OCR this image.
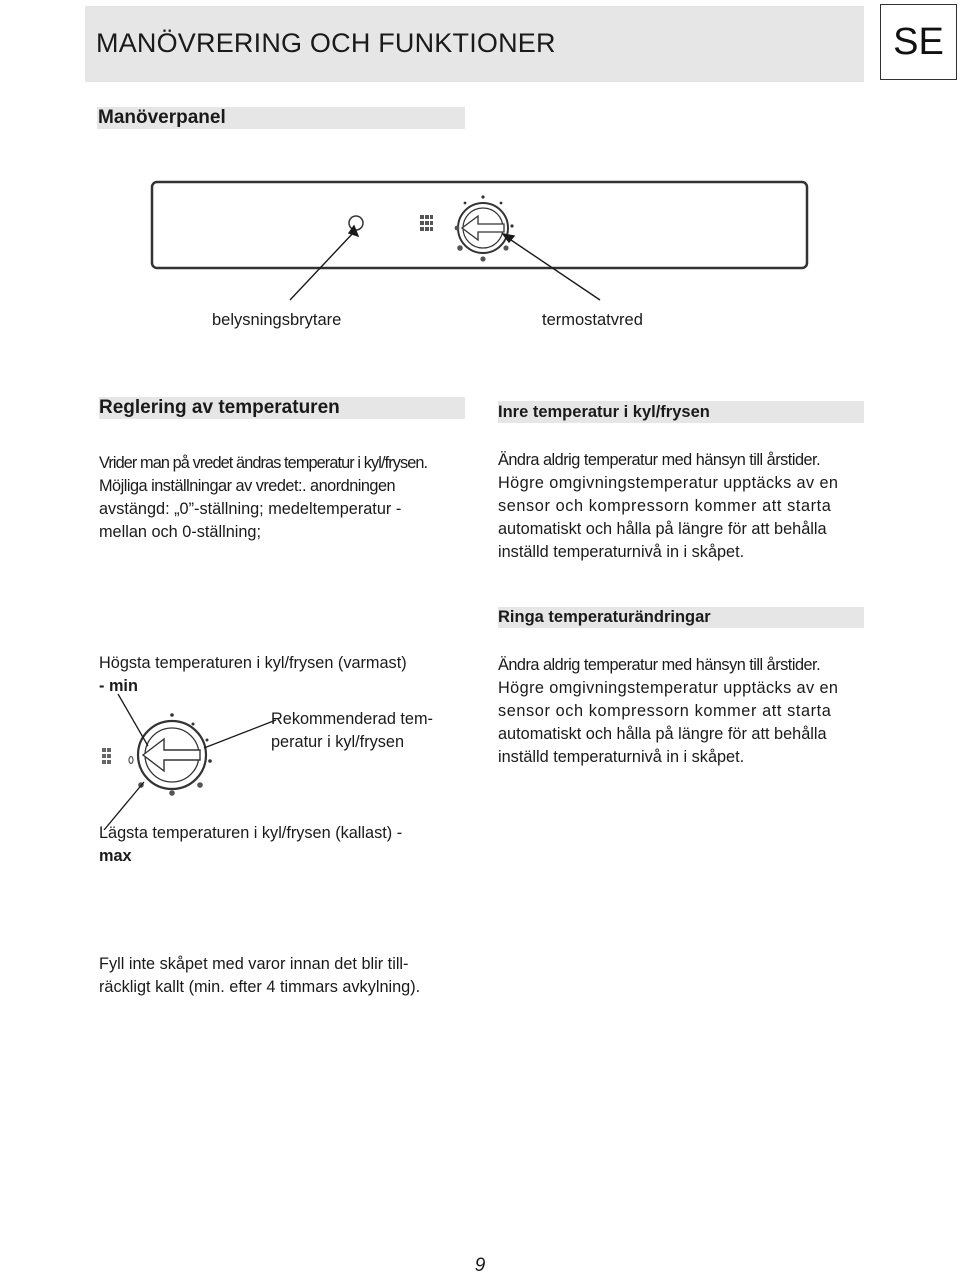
MANÖVRERING OCH FUNKTIONER	SE
Manöverpanel
belysningsbrytare	termostatvred
Reglering av temperaturen
Vrider man på vredet ändras temperatur i kyl/frysen.
Möjliga inställningar av vredet:. anordningen
avstängd: „0”-ställning; medeltemperatur -
mellan och 0-ställning;
Inre temperatur i kyl/frysen
Ändra aldrig temperatur med hänsyn till årstider.
Högre omgivningstemperatur upptäcks av en
sensor och kompressorn kommer att starta
automatiskt och hålla på längre för att behålla
inställd temperaturnivå in i skåpet.
Ringa temperaturändringar
Ändra aldrig temperatur med hänsyn till årstider.
Högre omgivningstemperatur upptäcks av en
sensor och kompressorn kommer att starta
automatiskt och hålla på längre för att behålla
inställd temperaturnivå in i skåpet.
Högsta temperaturen i kyl/frysen (varmast)
- min
Rekommenderad tem-
peratur i kyl/frysen
Lägsta temperaturen i kyl/frysen (kallast) -
max
Fyll inte skåpet med varor innan det blir till-
räckligt kallt (min. efter 4 timmars avkylning).
9
